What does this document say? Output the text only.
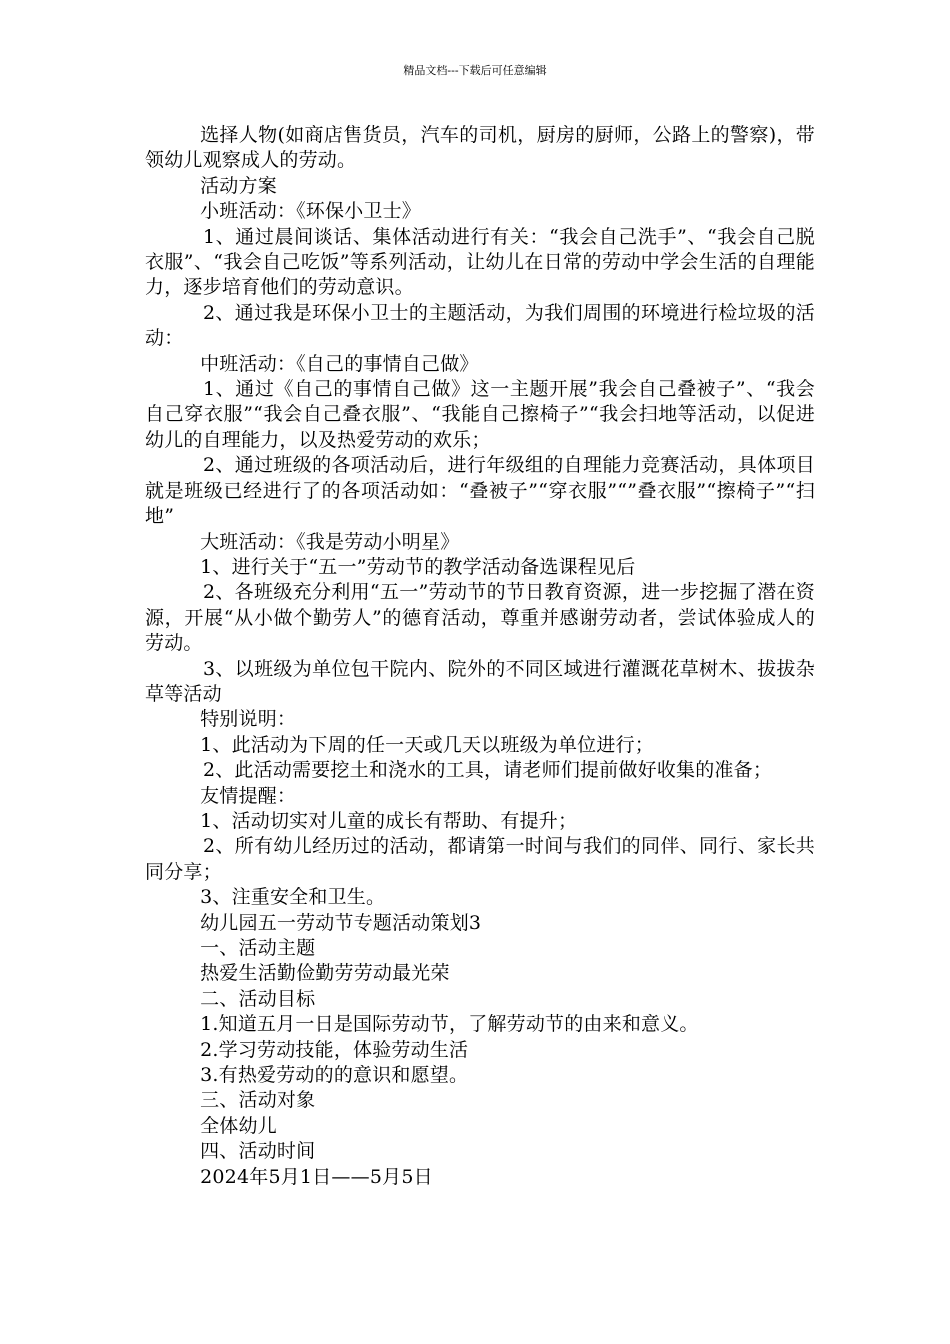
精品文档---下载后可任意编辑

选择人物(如商店售货员，汽车的司机，厨房的厨师，公路上的警察)，带领幼儿观察成人的劳动。

活动方案

小班活动：《环保小卫士》

1、通过晨间谈话、集体活动进行有关：“我会自己洗手”、“我会自己脱衣服”、“我会自己吃饭”等系列活动，让幼儿在日常的劳动中学会生活的自理能力，逐步培育他们的劳动意识。

2、通过我是环保小卫士的主题活动，为我们周围的环境进行检垃圾的活动：

中班活动：《自己的事情自己做》

1、通过《自己的事情自己做》这一主题开展”我会自己叠被子”、“我会自己穿衣服”“我会自己叠衣服”、“我能自己擦椅子”“我会扫地等活动，以促进幼儿的自理能力，以及热爱劳动的欢乐；

2、通过班级的各项活动后，进行年级组的自理能力竞赛活动，具体项目就是班级已经进行了的各项活动如：“叠被子”“穿衣服”“”叠衣服”“擦椅子”“扫地”

大班活动：《我是劳动小明星》

1、进行关于“五一”劳动节的教学活动备选课程见后

2、各班级充分利用“五一”劳动节的节日教育资源，进一步挖掘了潜在资源，开展“从小做个勤劳人”的德育活动，尊重并感谢劳动者，尝试体验成人的劳动。

3、以班级为单位包干院内、院外的不同区域进行灌溉花草树木、拔拔杂草等活动

特别说明：

1、此活动为下周的任一天或几天以班级为单位进行；

2、此活动需要挖土和浇水的工具，请老师们提前做好收集的准备；

友情提醒：

1、活动切实对儿童的成长有帮助、有提升；

2、所有幼儿经历过的活动，都请第一时间与我们的同伴、同行、家长共同分享；

3、注重安全和卫生。

幼儿园五一劳动节专题活动策划3

一、活动主题

热爱生活勤俭勤劳劳动最光荣

二、活动目标

1.知道五月一日是国际劳动节，了解劳动节的由来和意义。

2.学习劳动技能，体验劳动生活

3.有热爱劳动的的意识和愿望。

三、活动对象

全体幼儿

四、活动时间

2024年5月1日——5月5日
